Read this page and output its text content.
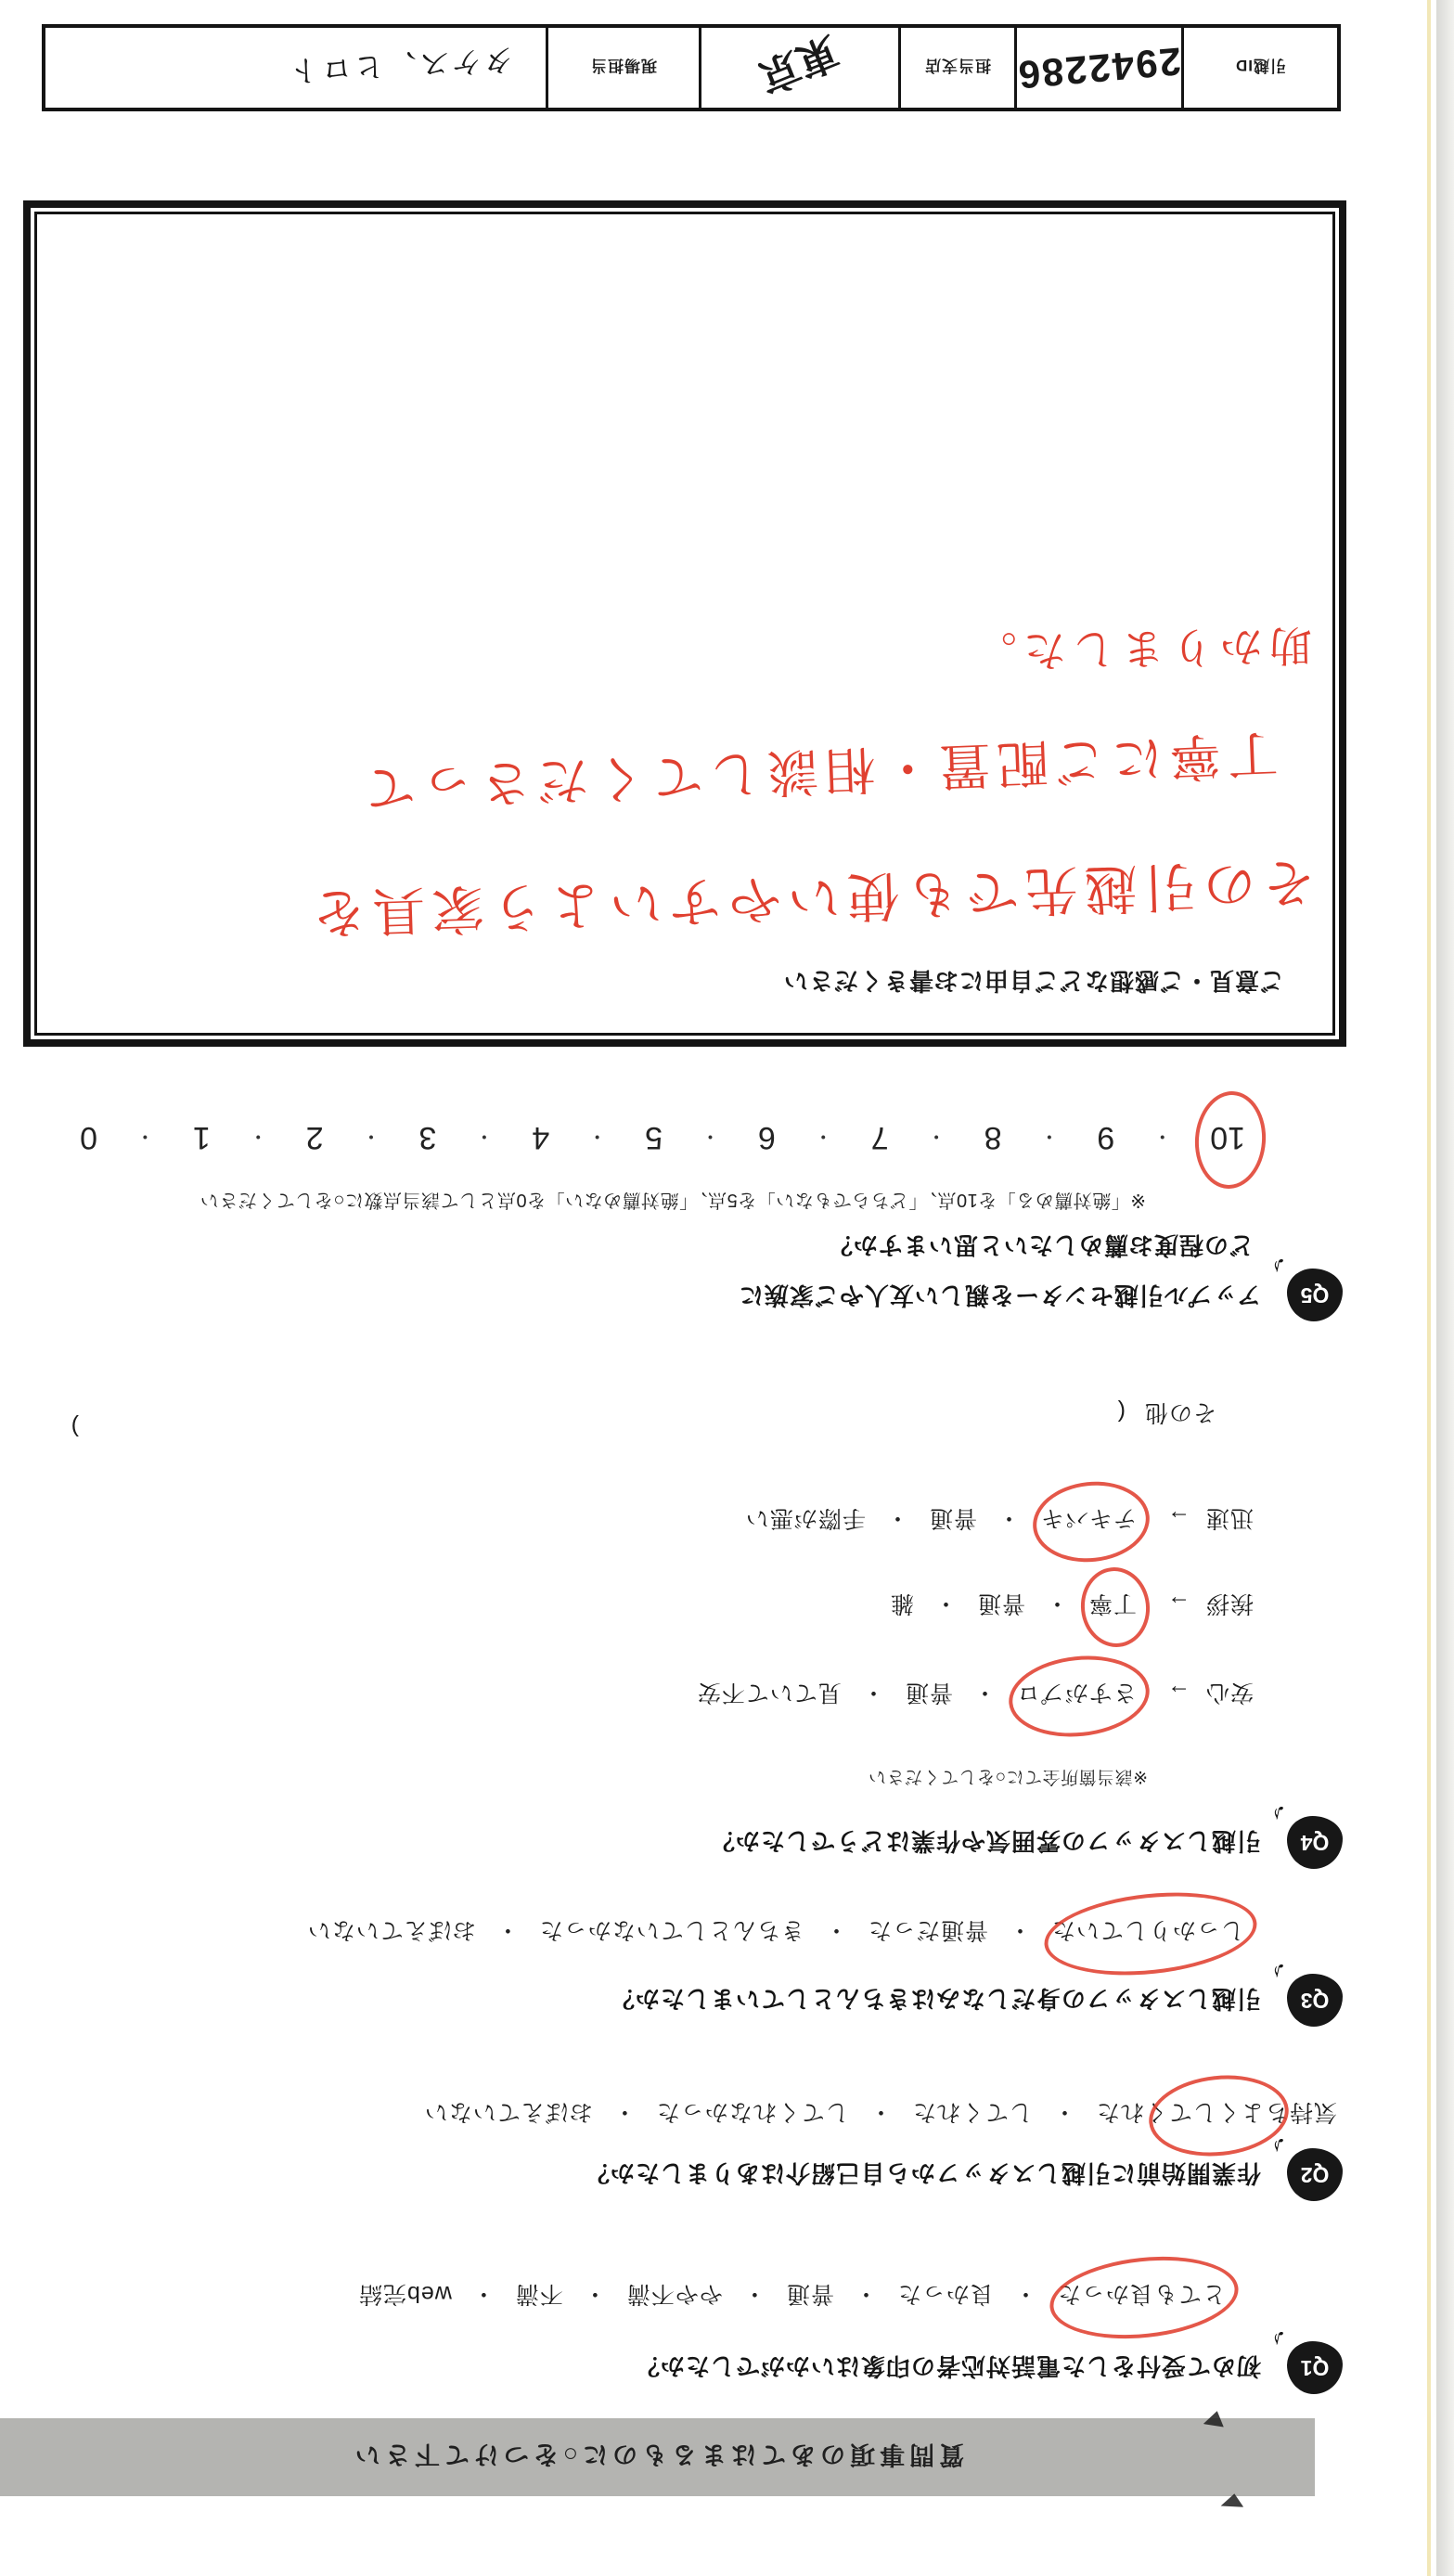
質問事項のあてはまるものに○をつけて下さい
Q1
♪
初めて受付をした電話対応者の印象はいかがでしたか？
とても良かった・良かった・普通・やや不満・不満・web完結
Q2
♪
作業開始前に引越しスタッフから自己紹介はありましたか？
気持ちよくしてくれた・してくれた・してくれなかった・おぼえていない
Q3
♪
引越しスタッフの身だしなみはきちんとしていましたか？
しっかりしていた・普通だった・きちんとしていなかった・おぼえていない
Q4
♪
引越しスタッフの雰囲気や作業はどうでしたか？
※該当箇所全てに○をしてください
安心→さすがプロ・普通・見ていて不安
挨拶→丁寧・普通・雑
迅速→テキパキ・普通・手際が悪い
その他(
)
Q5
♪
アップル引越センターを親しい友人やご家族に
どの程度お薦めしたいと思いますか？
※「絶対薦める」を10点、「どちらでもない」を5点、「絶対薦めない」を0点として該当点数に○をしてください
10
・
9
・
8
・
7
・
6
・
5
・
4
・
3
・
2
・
1
・
0
ご意見・ご感想などご自由にお書きください
その引越先でも使いやすいよう家具を
丁寧にご配置・相談してくださって
助かりました。
引越ID
2942286
担当支店
東京
現場担当
タケス、ヒロト
